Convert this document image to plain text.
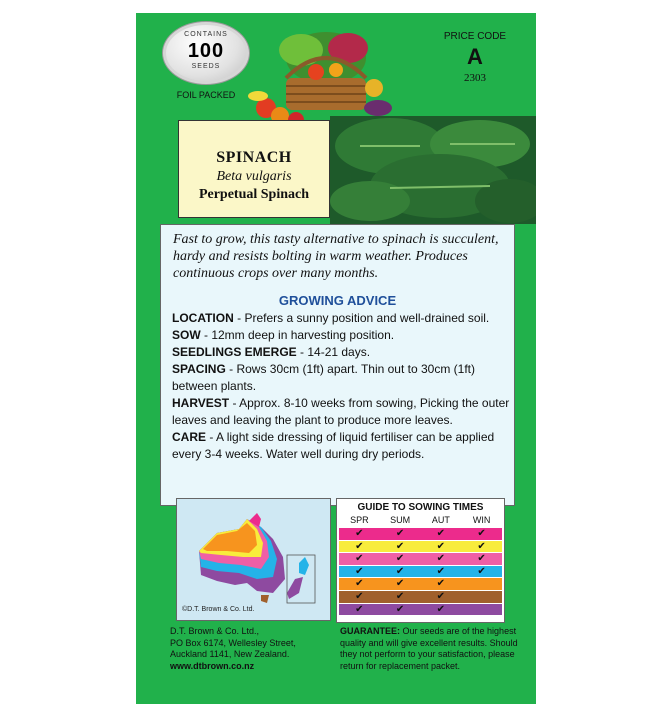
CONTAINS
100
SEEDS
FOIL PACKED
PRICE CODE
A
2303
SPINACH
Beta vulgaris
Perpetual Spinach

Fast to grow, this tasty alternative to spinach is succulent, hardy and resists bolting in warm weather. Produces continuous crops over many months.

GROWING ADVICE

LOCATION - Prefers a sunny position and well-drained soil.

SOW - 12mm deep in harvesting position.

SEEDLINGS EMERGE - 14-21 days.

SPACING - Rows 30cm (1ft) apart. Thin out to 30cm (1ft) between plants.

HARVEST - Approx. 8-10 weeks from sowing, Picking the outer leaves and leaving the plant to produce more leaves.

CARE - A light side dressing of liquid fertiliser can be applied every 3-4 weeks. Water well during dry periods.

©D.T. Brown & Co. Ltd.
GUIDE TO SOWING TIMES
SPR	SUM	AUT	WIN
✔	✔	✔	✔
✔	✔	✔	✔
✔	✔	✔	✔
✔	✔	✔	✔
✔	✔	✔
✔	✔	✔
✔	✔	✔
D.T. Brown & Co. Ltd.,
PO Box 6174, Wellesley Street,
Auckland 1141, New Zealand.
www.dtbrown.co.nz
GUARANTEE: Our seeds are of the highest quality and will give excellent results. Should they not perform to your satisfaction, please return for replacement packet.
